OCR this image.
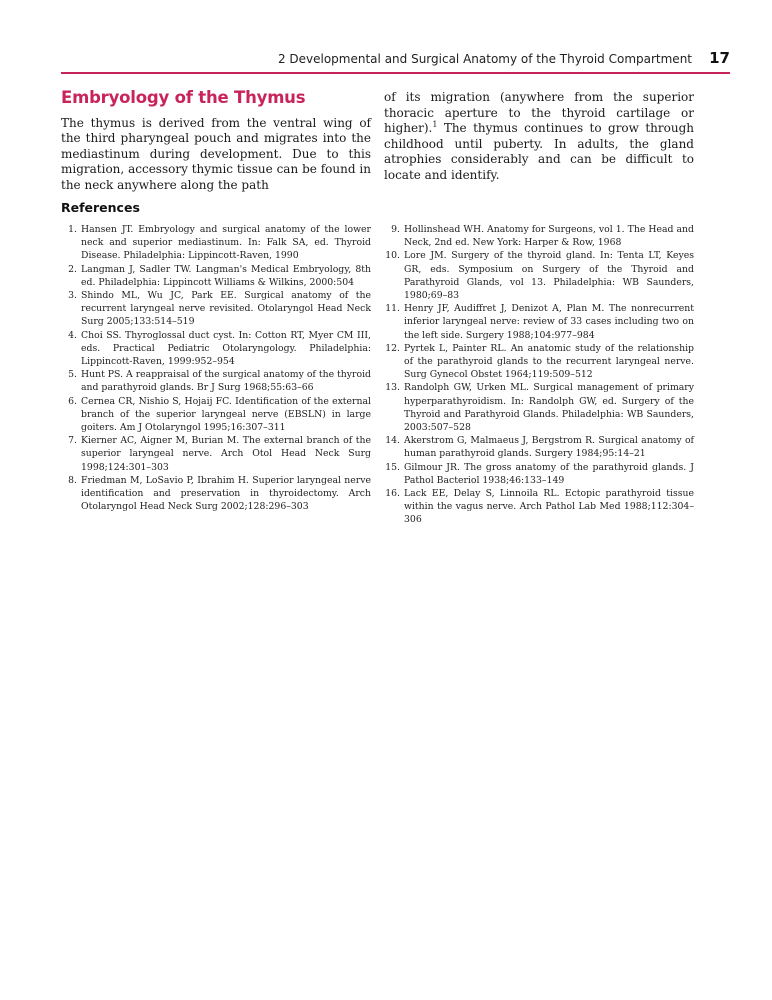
2 Developmental and Surgical Anatomy of the Thyroid Compartment 17
Embryology of the Thymus

The thymus is derived from the ventral wing of the third pharyngeal pouch and migrates into the mediastinum during development. Due to this migration, accessory thymic tissue can be found in the neck anywhere along the path

of its migration (anywhere from the superior thoracic aperture to the thyroid cartilage or higher).$^1$ The thymus continues to grow through childhood until puberty. In adults, the gland atrophies considerably and can be difficult to locate and identify.

References
1. Hansen JT. Embryology and surgical anatomy of the lower neck and superior mediastinum. In: Falk SA, ed. Thyroid Disease. Philadelphia: Lippincott-Raven, 1990
2. Langman J, Sadler TW. Langman's Medical Embryology, 8th ed. Philadelphia: Lippincott Williams & Wilkins, 2000:504
3. Shindo ML, Wu JC, Park EE. Surgical anatomy of the recurrent laryngeal nerve revisited. Otolaryngol Head Neck Surg 2005;133:514–519
4. Choi SS. Thyroglossal duct cyst. In: Cotton RT, Myer CM III, eds. Practical Pediatric Otolaryngology. Philadelphia: Lippincott-Raven, 1999:952–954
5. Hunt PS. A reappraisal of the surgical anatomy of the thyroid and parathyroid glands. Br J Surg 1968;55:63–66
6. Cernea CR, Nishio S, Hojaij FC. Identification of the external branch of the superior laryngeal nerve (EBSLN) in large goiters. Am J Otolaryngol 1995;16:307–311
7. Kierner AC, Aigner M, Burian M. The external branch of the superior laryngeal nerve. Arch Otol Head Neck Surg 1998;124:301–303
8. Friedman M, LoSavio P, Ibrahim H. Superior laryngeal nerve identification and preservation in thyroidectomy. Arch Otolaryngol Head Neck Surg 2002;128:296–303
9. Hollinshead WH. Anatomy for Surgeons, vol 1. The Head and Neck, 2nd ed. New York: Harper & Row, 1968
10. Lore JM. Surgery of the thyroid gland. In: Tenta LT, Keyes GR, eds. Symposium on Surgery of the Thyroid and Parathyroid Glands, vol 13. Philadelphia: WB Saunders, 1980;69–83
11. Henry JF, Audiffret J, Denizot A, Plan M. The nonrecurrent inferior laryngeal nerve: review of 33 cases including two on the left side. Surgery 1988;104:977–984
12. Pyrtek L, Painter RL. An anatomic study of the relationship of the parathyroid glands to the recurrent laryngeal nerve. Surg Gynecol Obstet 1964;119:509–512
13. Randolph GW, Urken ML. Surgical management of primary hyperparathyroidism. In: Randolph GW, ed. Surgery of the Thyroid and Parathyroid Glands. Philadelphia: WB Saunders, 2003:507–528
14. Akerstrom G, Malmaeus J, Bergstrom R. Surgical anatomy of human parathyroid glands. Surgery 1984;95:14–21
15. Gilmour JR. The gross anatomy of the parathyroid glands. J Pathol Bacteriol 1938;46:133–149
16. Lack EE, Delay S, Linnoila RL. Ectopic parathyroid tissue within the vagus nerve. Arch Pathol Lab Med 1988;112:304–306
